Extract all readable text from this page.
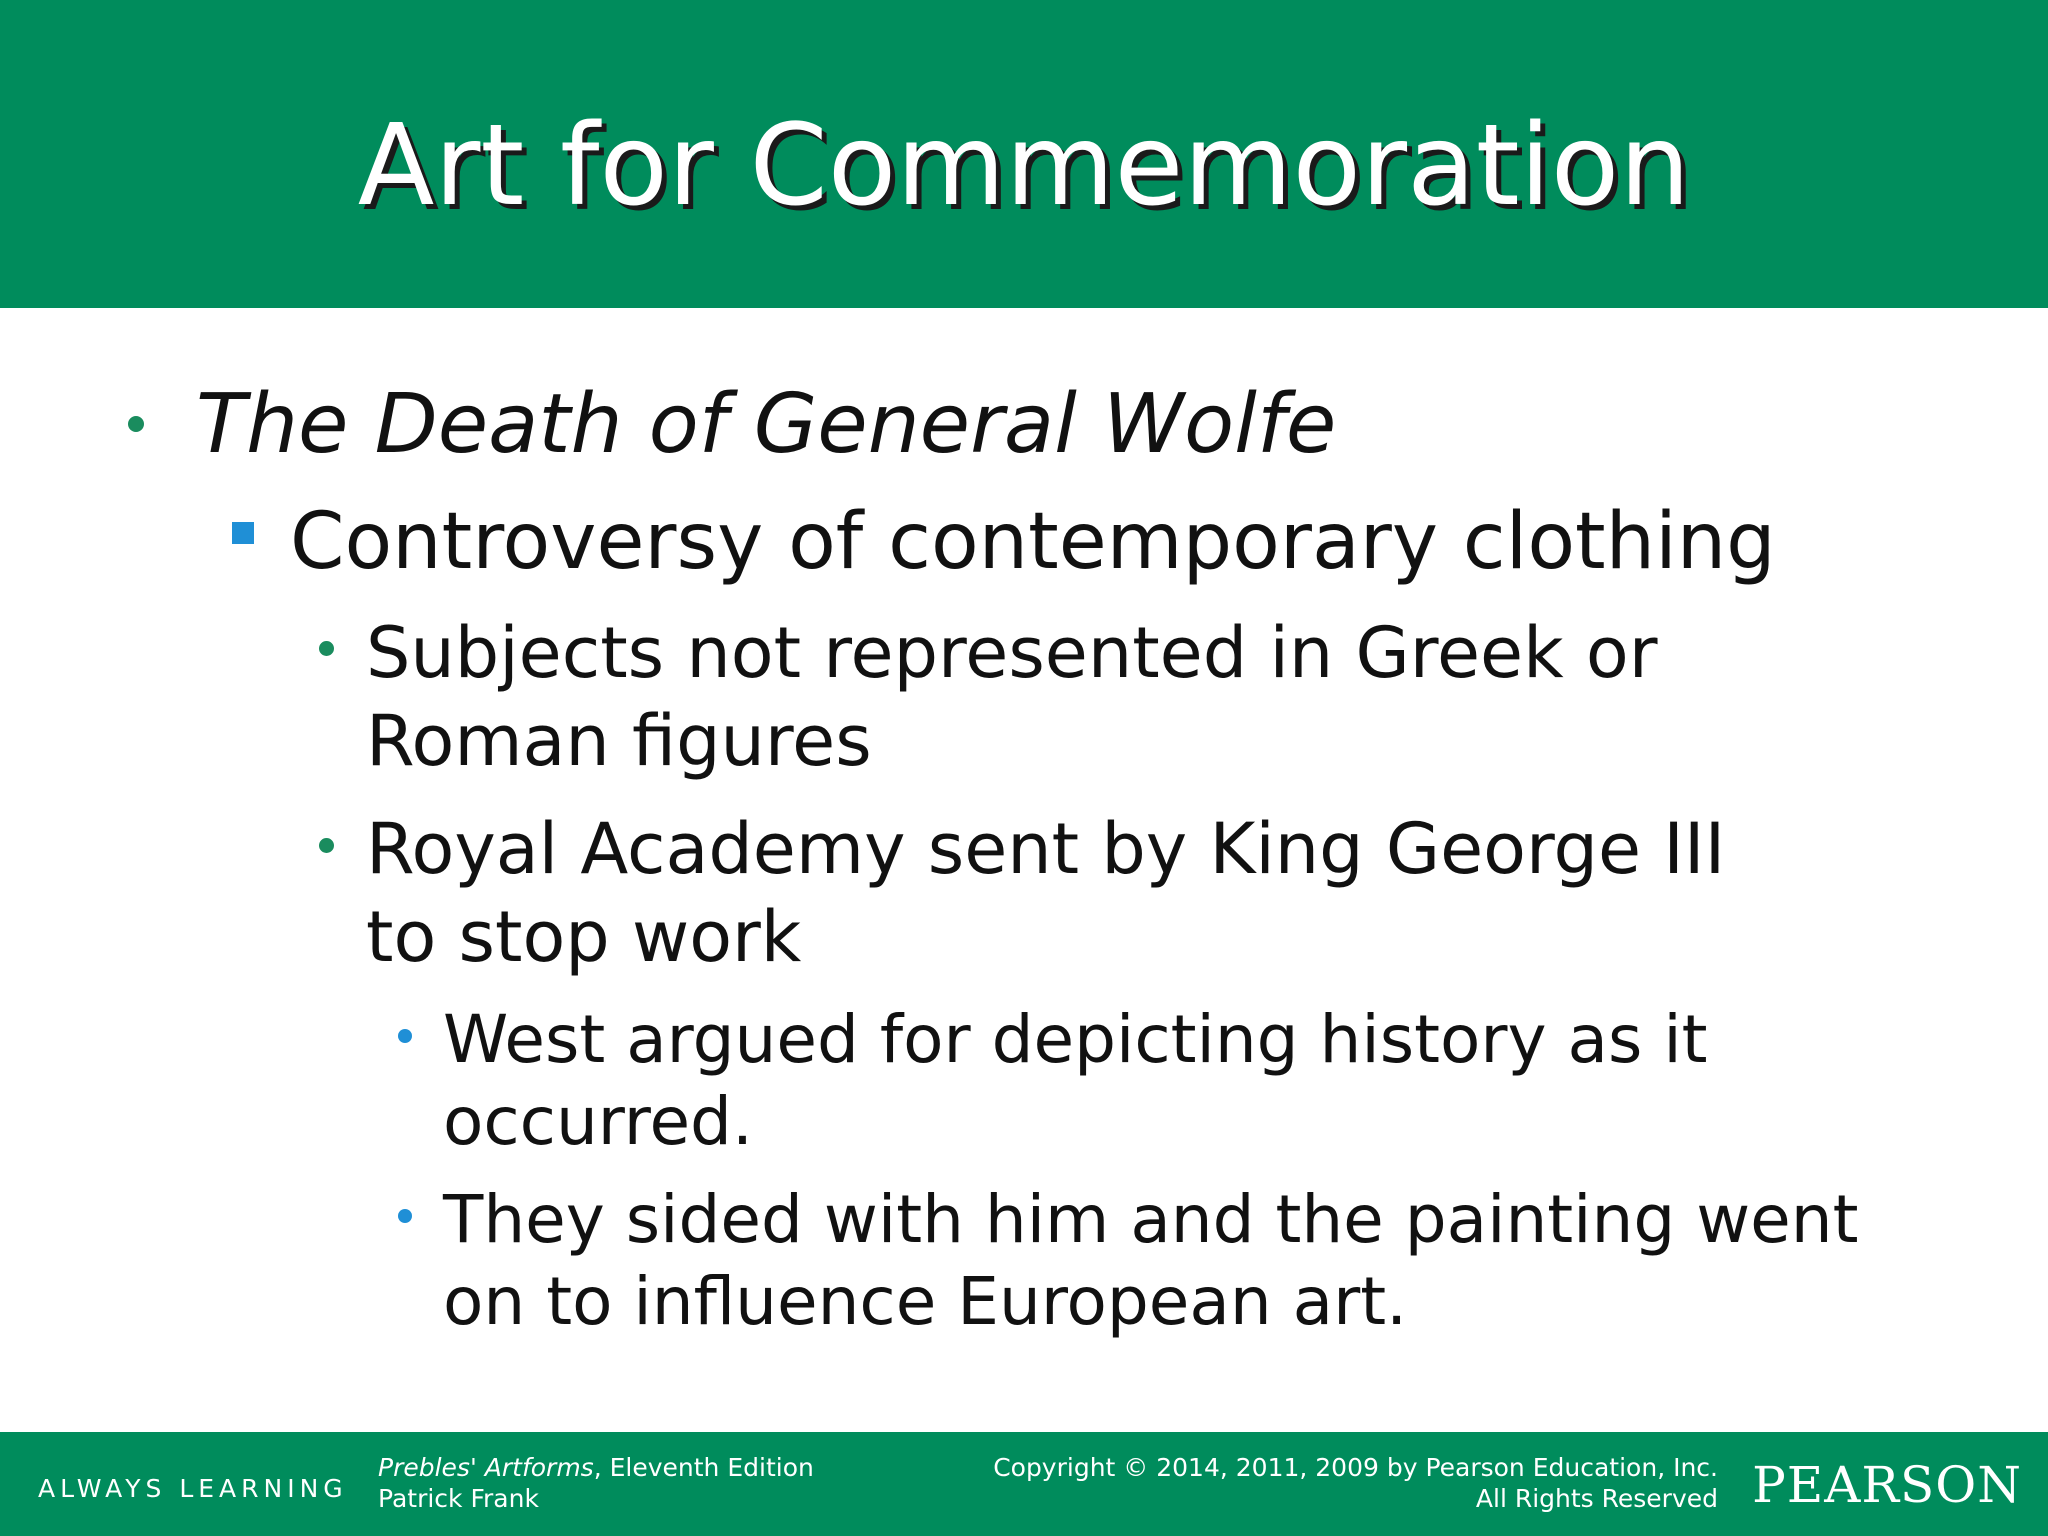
Art for Commemoration
The Death of General Wolfe
Controversy of contemporary clothing
Subjects not represented in Greek or
Roman figures
Royal Academy sent by King George III
to stop work
West argued for depicting history as it
occurred.
They sided with him and the painting went
on to influence European art.
ALWAYS LEARNING
Prebles' Artforms, Eleventh Edition
Patrick Frank
Copyright © 2014, 2011, 2009 by Pearson Education, Inc.
All Rights Reserved PEARSON
